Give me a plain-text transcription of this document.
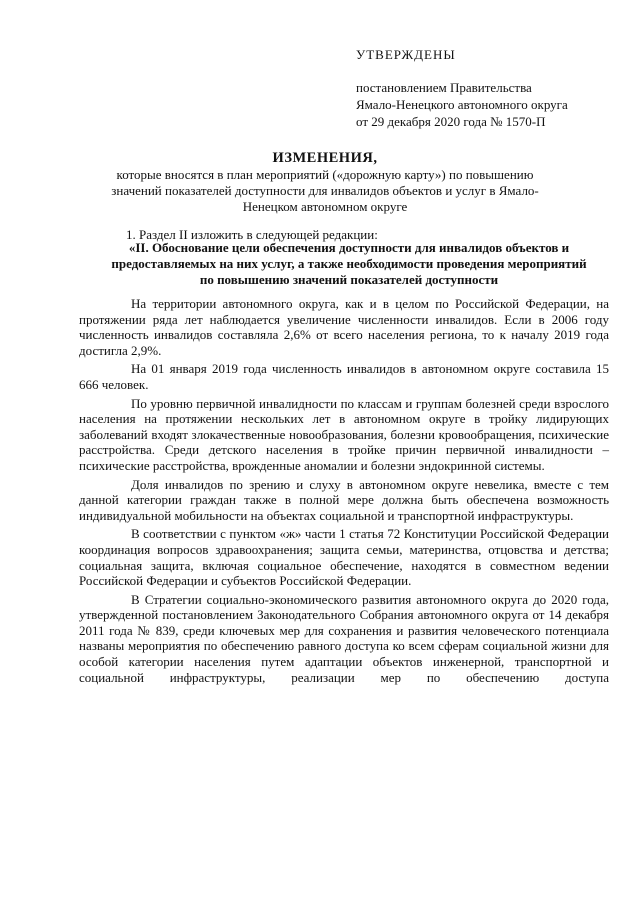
УТВЕРЖДЕНЫ
постановлением Правительства
Ямало-Ненецкого автономного округа
от 29 декабря 2020 года № 1570-П
ИЗМЕНЕНИЯ,
которые вносятся в план мероприятий («дорожную карту») по повышению значений показателей доступности для инвалидов объектов и услуг в Ямало-Ненецком автономном округе
1. Раздел II изложить в следующей редакции:
«II. Обоснование цели обеспечения доступности для инвалидов объектов и предоставляемых на них услуг, а также необходимости проведения мероприятий по повышению значений показателей доступности

На территории автономного округа, как и в целом по Российской Федерации, на протяжении ряда лет наблюдается увеличение численности инвалидов. Если в 2006 году численность инвалидов составляла 2,6% от всего населения региона, то к началу 2019 года достигла 2,9%.

На 01 января 2019 года численность инвалидов в автономном округе составила 15 666 человек.

По уровню первичной инвалидности по классам и группам болезней среди взрослого населения на протяжении нескольких лет в автономном округе в тройку лидирующих заболеваний входят злокачественные новообразования, болезни кровообращения, психические расстройства. Среди детского населения в тройке причин первичной инвалидности – психические расстройства, врожденные аномалии и болезни эндокринной системы.

Доля инвалидов по зрению и слуху в автономном округе невелика, вместе с тем данной категории граждан также в полной мере должна быть обеспечена возможность индивидуальной мобильности на объектах социальной и транспортной инфраструктуры.

В соответствии с пунктом «ж» части 1 статья 72 Конституции Российской Федерации координация вопросов здравоохранения; защита семьи, материнства, отцовства и детства; социальная защита, включая социальное обеспечение, находятся в совместном ведении Российской Федерации и субъектов Российской Федерации.

В Стратегии социально-экономического развития автономного округа до 2020 года, утвержденной постановлением Законодательного Собрания автономного округа от 14 декабря 2011 года № 839, среди ключевых мер для сохранения и развития человеческого потенциала названы мероприятия по обеспечению равного доступа ко всем сферам социальной жизни для особой категории населения путем адаптации объектов инженерной, транспортной и социальной инфраструктуры, реализации мер по обеспечению доступа
